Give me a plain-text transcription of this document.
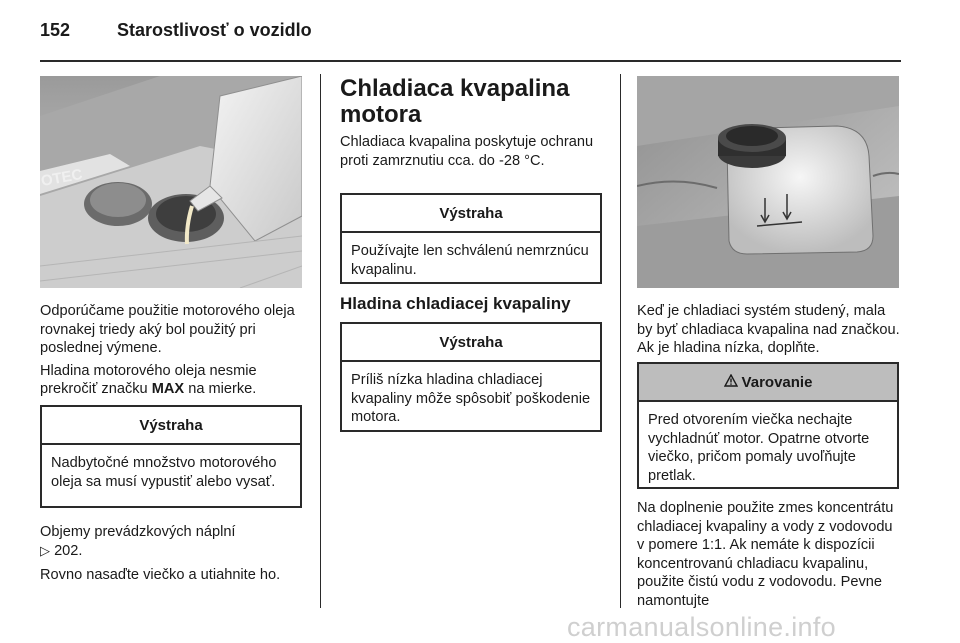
152	Starostlivosť o vozidlo
OTEC

Odporúčame použitie motorového oleja rovnakej triedy aký bol použitý pri poslednej výmene.

Hladina motorového oleja nesmie prekročiť značku MAX na mierke.

Výstraha
Nadbytočné množstvo motorového oleja sa musí vypustiť alebo vysať.

Objemy prevádzkových náplní

▷ 202.

Rovno nasaďte viečko a utiahnite ho.

Chladiaca kvapalina motora

Chladiaca kvapalina poskytuje ochranu proti zamrznutiu cca. do -28 °C.

Výstraha
Používajte len schválenú nemrznúcu kvapalinu.
Hladina chladiacej kvapaliny
Výstraha
Príliš nízka hladina chladiacej kvapaliny môže spôsobiť poškodenie motora.

Keď je chladiaci systém studený, mala by byť chladiaca kvapalina nad značkou. Ak je hladina nízka, doplňte.

Varovanie
Pred otvorením viečka nechajte vychladnúť motor. Opatrne otvorte viečko, pričom pomaly uvoľňujte pretlak.

Na doplnenie použite zmes koncentrátu chladiacej kvapaliny a vody z vodovodu v pomere 1:1. Ak nemáte k dispozícii koncentrovanú chladiacu kvapalinu, použite čistú vodu z vodovodu. Pevne namontujte

carmanualsonline.info
